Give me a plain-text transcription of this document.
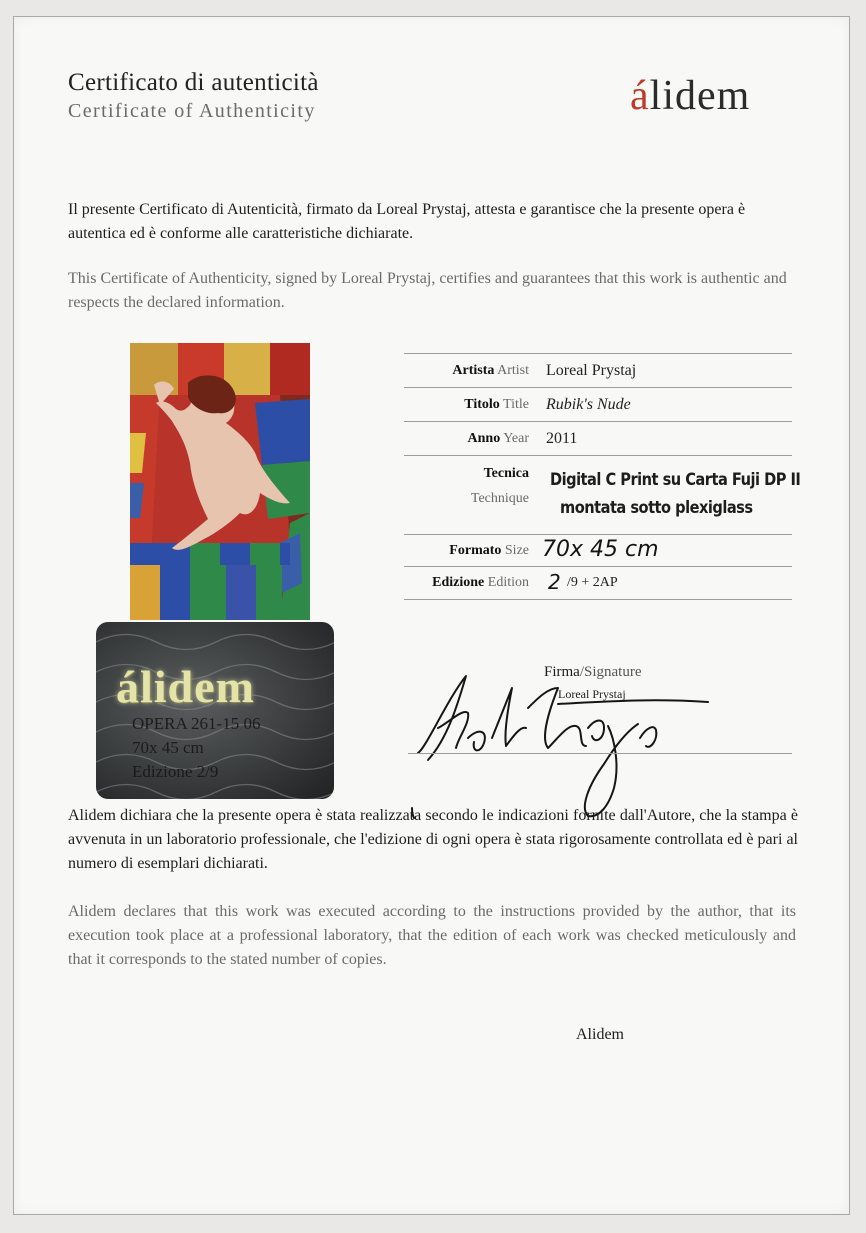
Certificato di autenticità
Certificate of Authenticity	álidem
Il presente Certificato di Autenticità, firmato da Loreal Prystaj, attesta e garantisce che la presente opera è autentica ed è conforme alle caratteristiche dichiarate.
This Certificate of Authenticity, signed by Loreal Prystaj, certifies and guarantees that this work is authentic and respects the declared information.
álidem
OPERA 261-15 06
70x 45 cm
Edizione 2/9
Artista Artist Loreal Prystaj
Titolo Title Rubik's Nude
Anno Year 2011
Tecnica
Technique
Digital C Print su Carta Fuji DP II
montata sotto plexiglass
Formato Size 70x 45 cm
Edizione Edition 2 /9 + 2AP
Firma/Signature
Loreal Prystaj
Alidem dichiara che la presente opera è stata realizzata secondo le indicazioni fornite dall'Autore, che la stampa è avvenuta in un laboratorio professionale, che l'edizione di ogni opera è stata rigorosamente controllata ed è pari al numero di esemplari dichiarati.
Alidem declares that this work was executed according to the instructions provided by the author, that its execution took place at a professional laboratory, that the edition of each work was checked meticulously and that it corresponds to the stated number of copies.
Alidem
